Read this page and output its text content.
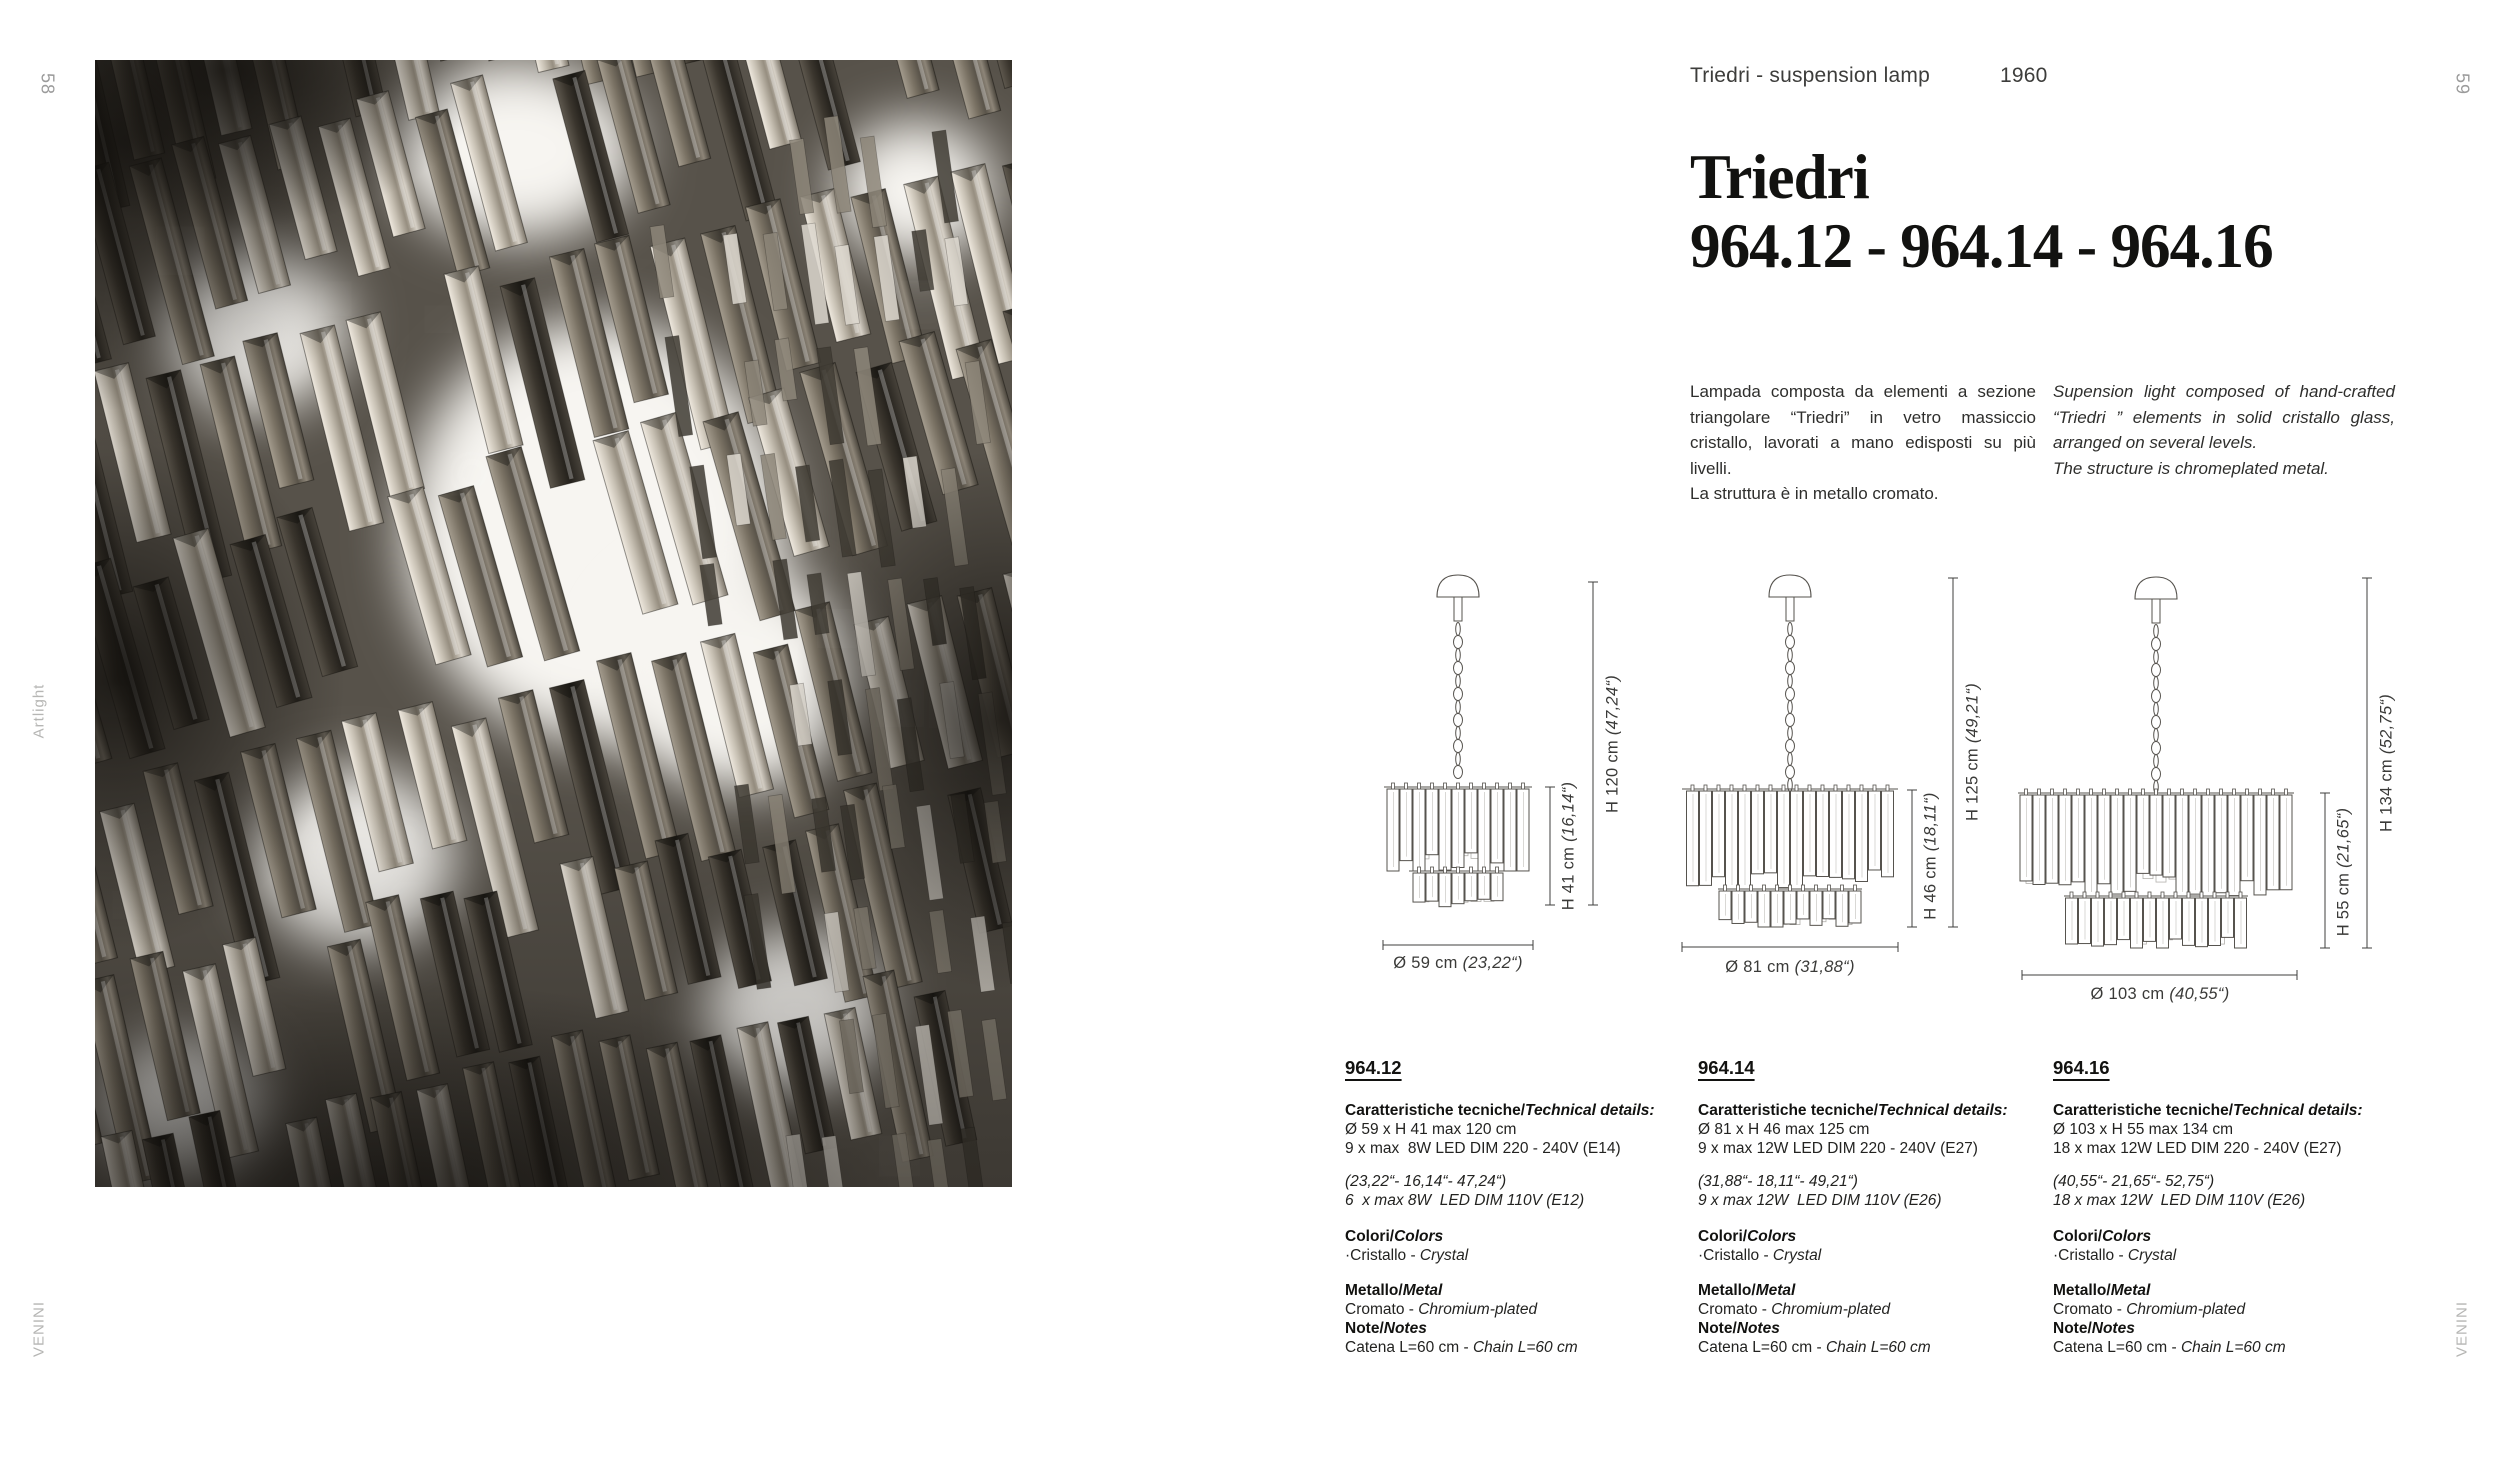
58
Artlight
VENINI
59
VENINI
Triedri - suspension lamp	1960
Triedri
964.12 - 964.14 - 964.16

Lampada composta da elementi a sezione triangolare “Triedri” in vetro massiccio cristallo, lavorati a mano edisposti su più livelli.

La struttura è in metallo cromato.

Supension light composed of hand-crafted “Triedri ” elements in solid cristallo glass, arranged on several levels.

The structure is chromeplated metal.

H 120 cm (47,24“)
H 41 cm (16,14“)
Ø 59 cm (23,22“)
H 125 cm (49,21“)
H 46 cm (18,11“)
Ø 81 cm (31,88“)
H 134 cm (52,75“)
H 55 cm (21,65“)
Ø 103 cm (40,55“)
964.12
Caratteristiche tecniche/Technical details:
Ø 59 x H 41 max 120 cm
9 x max  8W LED DIM 220 - 240V (E14)
(23,22“- 16,14“- 47,24“)
6  x max 8W  LED DIM 110V (E12)
Colori/Colors
·Cristallo - Crystal
Metallo/Metal
Cromato - Chromium-plated
Note/Notes
Catena L=60 cm - Chain L=60 cm
964.14
Caratteristiche tecniche/Technical details:
Ø 81 x H 46 max 125 cm
9 x max 12W LED DIM 220 - 240V (E27)
(31,88“- 18,11“- 49,21“)
9 x max 12W  LED DIM 110V (E26)
Colori/Colors
·Cristallo - Crystal
Metallo/Metal
Cromato - Chromium-plated
Note/Notes
Catena L=60 cm - Chain L=60 cm
964.16
Caratteristiche tecniche/Technical details:
Ø 103 x H 55 max 134 cm
18 x max 12W LED DIM 220 - 240V (E27)
(40,55“- 21,65“- 52,75“)
18 x max 12W  LED DIM 110V (E26)
Colori/Colors
·Cristallo - Crystal
Metallo/Metal
Cromato - Chromium-plated
Note/Notes
Catena L=60 cm - Chain L=60 cm
